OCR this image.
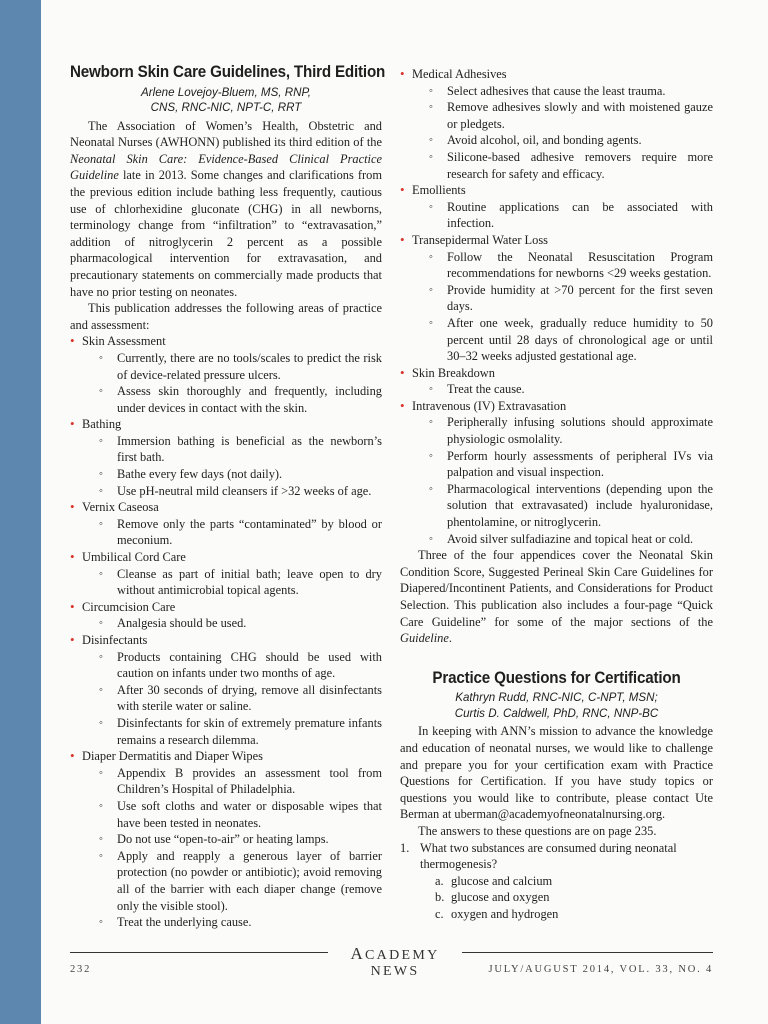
Newborn Skin Care Guidelines, Third Edition
Arlene Lovejoy-Bluem, MS, RNP,
CNS, RNC-NIC, NPT-C, RRT

The Association of Women’s Health, Obstetric and Neonatal Nurses (AWHONN) published its third edition of the Neonatal Skin Care: Evidence-Based Clinical Practice Guideline late in 2013. Some changes and clarifications from the previous edition include bathing less frequently, cautious use of chlorhexidine gluconate (CHG) in all newborns, terminology change from “infiltration” to “extravasation,” addition of nitroglycerin 2 percent as a possible pharmacological intervention for extravasation, and precautionary statements on commercially made products that have no prior testing on neonates.

This publication addresses the following areas of practice and assessment:

• Skin Assessment
◦ Currently, there are no tools/scales to predict the risk of device-related pressure ulcers.
◦ Assess skin thoroughly and frequently, including under devices in contact with the skin.
• Bathing
◦ Immersion bathing is beneficial as the newborn’s first bath.
◦ Bathe every few days (not daily).
◦ Use pH-neutral mild cleansers if >32 weeks of age.
• Vernix Caseosa
◦ Remove only the parts “contaminated” by blood or meconium.
• Umbilical Cord Care
◦ Cleanse as part of initial bath; leave open to dry without antimicrobial topical agents.
• Circumcision Care
◦ Analgesia should be used.
• Disinfectants
◦ Products containing CHG should be used with caution on infants under two months of age.
◦ After 30 seconds of drying, remove all disinfectants with sterile water or saline.
◦ Disinfectants for skin of extremely premature infants remains a research dilemma.
• Diaper Dermatitis and Diaper Wipes
◦ Appendix B provides an assessment tool from Children’s Hospital of Philadelphia.
◦ Use soft cloths and water or disposable wipes that have been tested in neonates.
◦ Do not use “open-to-air” or heating lamps.
◦ Apply and reapply a generous layer of barrier protection (no powder or antibiotic); avoid removing all of the barrier with each diaper change (remove only the visible stool).
◦ Treat the underlying cause.
• Medical Adhesives
◦ Select adhesives that cause the least trauma.
◦ Remove adhesives slowly and with moistened gauze or pledgets.
◦ Avoid alcohol, oil, and bonding agents.
◦ Silicone-based adhesive removers require more research for safety and efficacy.
• Emollients
◦ Routine applications can be associated with infection.
• Transepidermal Water Loss
◦ Follow the Neonatal Resuscitation Program recommendations for newborns <29 weeks gestation.
◦ Provide humidity at >70 percent for the first seven days.
◦ After one week, gradually reduce humidity to 50 percent until 28 days of chronological age or until 30–32 weeks adjusted gestational age.
• Skin Breakdown
◦ Treat the cause.
• Intravenous (IV) Extravasation
◦ Peripherally infusing solutions should approximate physiologic osmolality.
◦ Perform hourly assessments of peripheral IVs via palpation and visual inspection.
◦ Pharmacological interventions (depending upon the solution that extravasated) include hyaluronidase, phentolamine, or nitroglycerin.
◦ Avoid silver sulfadiazine and topical heat or cold.

Three of the four appendices cover the Neonatal Skin Condition Score, Suggested Perineal Skin Care Guidelines for Diapered/Incontinent Patients, and Considerations for Product Selection. This publication also includes a four-page “Quick Care Guideline” for some of the major sections of the Guideline.

Practice Questions for Certification
Kathryn Rudd, RNC-NIC, C-NPT, MSN;
Curtis D. Caldwell, PhD, RNC, NNP-BC

In keeping with ANN’s mission to advance the knowledge and education of neonatal nurses, we would like to challenge and prepare you for your certification exam with Practice Questions for Certification. If you have study topics or questions you would like to contribute, please contact Ute Berman at uberman@academyofneonatalnursing.org.

The answers to these questions are on page 235.

1. What two substances are consumed during neonatal thermogenesis?
a. glucose and calcium
b. glucose and oxygen
c. oxygen and hydrogen
ACADEMY NEWS
232	JULY/AUGUST 2014, VOL. 33, NO. 4
